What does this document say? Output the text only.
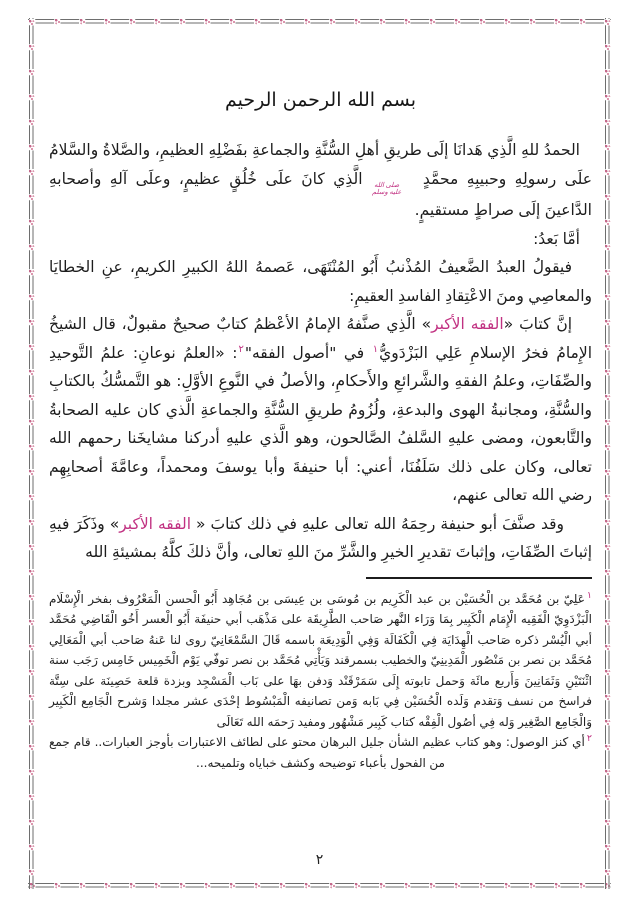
بسم الله الرحمن الرحيم

الحمدُ للهِ الَّذِي هَدانَا إلَى طريقِ أهلِ السُّنَّةِ والجماعةِ بفَضْلِهِ العظيمِ، والصَّلاةُ والسَّلامُ علَى رسولِهِ وحبيبِهِ محمَّدٍ
صلى الله
عليه وسلم
الَّذِي كانَ علَى خُلُقٍ عظيمٍ، وعلَى آلهِ وأصحابهِ الدَّاعينَ إلَى صراطٍ مستقيمٍ.

أمَّا بَعدُ:

فيقولُ العبدُ الضَّعيفُ المُذْنبُ أَبُو المُنْتَهَى، عَصمهُ اللهُ الكبيرِ الكريمِ، عنِ الخطايَا والمعاصِي ومنَ الاعْتِقادِ الفاسدِ العقيمِ:

إنَّ كتابَ «الفقه الأكبر» الَّذِي صنَّفهُ الإمامُ الأعْظمُ كتابٌ صحيحٌ مقبولٌ، قال الشيخُ الإِمامُ فخرُ الإسلامِ عَلِي البَزْدَويُّ$^١$ في "أصول الفقه"$^٢$: «العلمُ نوعانِ: علمُ التَّوحيدِ والصِّفَاتِ، وعلمُ الفقهِ والشَّرائعِ والأَحكامِ، والأصلُ في النَّوعِ الأوَّلِ: هو التَّمسُّكُ بالكتابِ والسُّنَّةِ، ومجانبةُ الهوى والبدعةِ، ولُزُومُ طريقِ السُّنَّةِ والجماعةِ الَّذي كان عليه الصحابةُ والتَّابعون، ومضى عليهِ السَّلفُ الصَّالحون، وهو الَّذي عليهِ أدركنا مشايخَنا رحمهم الله تعالى، وكان على ذلك سَلَفُنَا، أعني: أبا حنيفةَ وأبا يوسفَ ومحمداً، وعامَّةَ أصحابِهِم رضي الله تعالى عنهم،

وقد صنَّفَ أبو حنيفة رحِمَهُ الله تعالى عليهِ في ذلك كتابَ « الفقه الأكبر» وذَكَرَ فيهِ إثباتَ الصِّفَاتِ، وإثباتَ تقديرِ الخيرِ والشَّرِّ منَ اللهِ تعالى، وأنَّ ذلكَ كلَّهُ بمشيئةِ الله

$^١$عَلِيّ بن مُحَمَّد بن الْحُسَيْن بن عبد الْكَرِيم بن مُوسَى بن عِيسَى بن مُجَاهِد أَبُو الْحسن الْمَعْرُوف بفخر الْإِسْلَام الْبَزْدَوِيّ الْفَقِيه الْإِمَام الْكَبِير بِمَا وَرَاء النَّهر صَاحب الطَّرِيقَة على مَذْهَب أبي حنيفَة أَبُو الْعسر أَخُو الْقَاضِي مُحَمَّد أبي الْيُسْر ذكره صَاحب الْهِدَايَة فِي الْكَفَالَة وَفِي الْوَدِيعَة باسمه قَالَ السَّمْعَانِيّ روى لنا عَنهُ صَاحب أبي الْمَعَالِي مُحَمَّد بن نصر بن مَنْصُور الْمَدِينِيّ والخطيب بسمرقند وَيَأْتِي مُحَمَّد بن نصر توفّي يَوْم الْخَمِيس خَامِس رَجَب سنة اثْنَتَيْنِ وَثَمَانِينَ وَأَربع مائَة وَحمل تابوته إِلَى سَمَرْقَنْد وَدفن بهَا على بَاب الْمَسْجِد وبزدة قلعة حَصِينَة على سِتَّة فراسخ من نسف وَتقدم وَلَده الْحُسَيْن فِي بَابه وَمن تصانيفه الْمَبْسُوط إحْدَى عشر مجلدا وَشرح الْجَامِع الْكَبِير وَالْجَامِع الصَّغِير وَله فِي أصُول الْفِقْه كتاب كَبِير مَشْهُور ومفيد رَحمَه الله تَعَالَى

$^٢$أي كنز الوصول: وهو كتاب عظيم الشأن جليل البرهان محتو على لطائف الاعتبارات بأوجز العبارات.. قام جمع من الفحول بأعباء توضيحه وكشف خباياه وتلميحه...

٢
